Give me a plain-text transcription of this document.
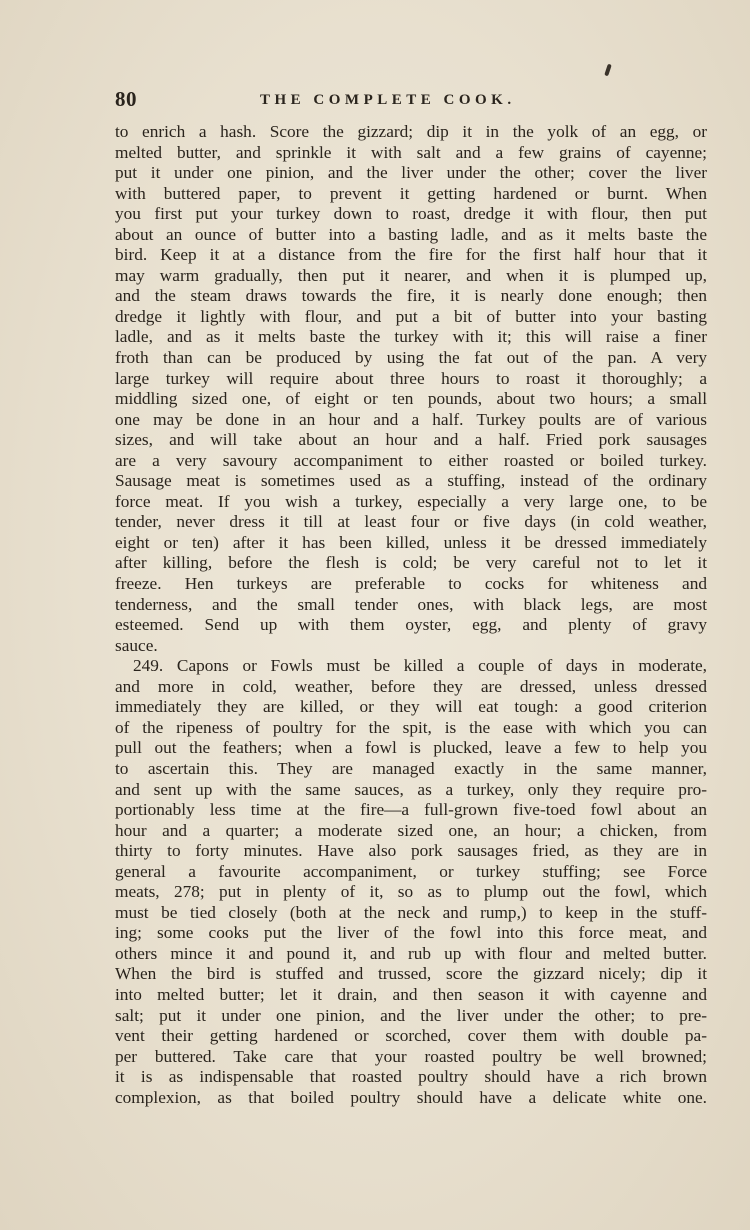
80	THE COMPLETE COOK.
to enrich a hash. Score the gizzard; dip it in the yolk of an egg, or
melted butter, and sprinkle it with salt and a few grains of cayenne;
put it under one pinion, and the liver under the other; cover the liver
with buttered paper, to prevent it getting hardened or burnt. When
you first put your turkey down to roast, dredge it with flour, then put
about an ounce of butter into a basting ladle, and as it melts baste the
bird. Keep it at a distance from the fire for the first half hour that it
may warm gradually, then put it nearer, and when it is plumped up,
and the steam draws towards the fire, it is nearly done enough; then
dredge it lightly with flour, and put a bit of butter into your basting
ladle, and as it melts baste the turkey with it; this will raise a finer
froth than can be produced by using the fat out of the pan. A very
large turkey will require about three hours to roast it thoroughly; a
middling sized one, of eight or ten pounds, about two hours; a small
one may be done in an hour and a half. Turkey poults are of various
sizes, and will take about an hour and a half. Fried pork sausages
are a very savoury accompaniment to either roasted or boiled turkey.
Sausage meat is sometimes used as a stuffing, instead of the ordinary
force meat. If you wish a turkey, especially a very large one, to be
tender, never dress it till at least four or five days (in cold weather,
eight or ten) after it has been killed, unless it be dressed immediately
after killing, before the flesh is cold; be very careful not to let it
freeze. Hen turkeys are preferable to cocks for whiteness and
tenderness, and the small tender ones, with black legs, are most
esteemed. Send up with them oyster, egg, and plenty of gravy
sauce.
249. Capons or Fowls must be killed a couple of days in moderate,
and more in cold, weather, before they are dressed, unless dressed
immediately they are killed, or they will eat tough: a good criterion
of the ripeness of poultry for the spit, is the ease with which you can
pull out the feathers; when a fowl is plucked, leave a few to help you
to ascertain this. They are managed exactly in the same manner,
and sent up with the same sauces, as a turkey, only they require pro-
portionably less time at the fire—a full-grown five-toed fowl about an
hour and a quarter; a moderate sized one, an hour; a chicken, from
thirty to forty minutes. Have also pork sausages fried, as they are in
general a favourite accompaniment, or turkey stuffing; see Force
meats, 278; put in plenty of it, so as to plump out the fowl, which
must be tied closely (both at the neck and rump,) to keep in the stuff-
ing; some cooks put the liver of the fowl into this force meat, and
others mince it and pound it, and rub up with flour and melted butter.
When the bird is stuffed and trussed, score the gizzard nicely; dip it
into melted butter; let it drain, and then season it with cayenne and
salt; put it under one pinion, and the liver under the other; to pre-
vent their getting hardened or scorched, cover them with double pa-
per buttered. Take care that your roasted poultry be well browned;
it is as indispensable that roasted poultry should have a rich brown
complexion, as that boiled poultry should have a delicate white one.
